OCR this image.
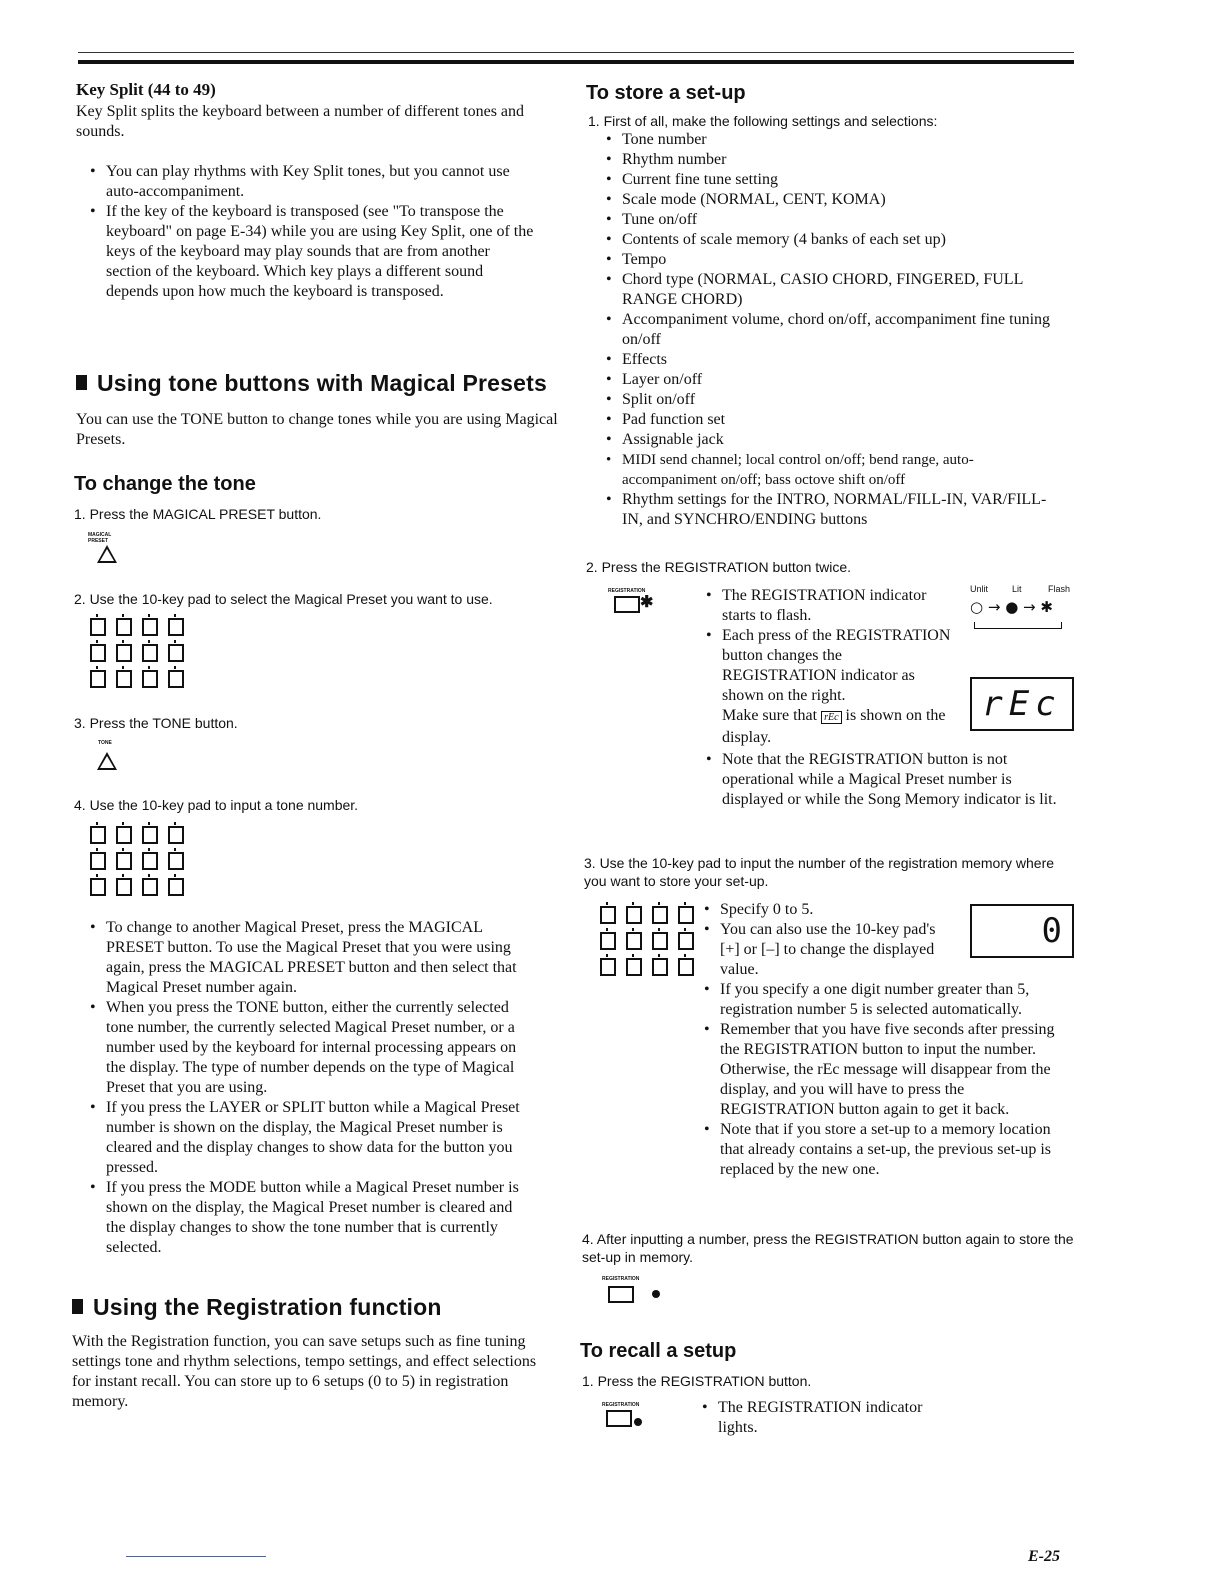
Key Split (44 to 49)
Key Split splits the keyboard between a number of different tones and sounds.
• You can play rhythms with Key Split tones, but you cannot use auto-accompaniment.
• If the key of the keyboard is transposed (see "To transpose the keyboard" on page E-34) while you are using Key Split, one of the keys of the keyboard may play sounds that are from another section of the keyboard. Which key plays a different sound depends upon how much the keyboard is transposed.
Using tone buttons with Magical Presets
You can use the TONE button to change tones while you are using Magical Presets.
To change the tone
1. Press the MAGICAL PRESET button.
MAGICAL PRESET
2. Use the 10-key pad to select the Magical Preset you want to use.
3. Press the TONE button.
TONE
4. Use the 10-key pad to input a tone number.
• To change to another Magical Preset, press the MAGICAL PRESET button. To use the Magical Preset that you were using again, press the MAGICAL PRESET button and then select that Magical Preset number again.
• When you press the TONE button, either the currently selected tone number, the currently selected Magical Preset number, or a number used by the keyboard for internal processing appears on the display. The type of number depends on the type of Magical Preset that you are using.
• If you press the LAYER or SPLIT button while a Magical Preset number is shown on the display, the Magical Preset number is cleared and the display changes to show data for the button you pressed.
• If you press the MODE button while a Magical Preset number is shown on the display, the Magical Preset number is cleared and the display changes to show the tone number that is currently selected.
Using the Registration function
With the Registration function, you can save setups such as fine tuning settings tone and rhythm selections, tempo settings, and effect selections for instant recall. You can store up to 6 setups (0 to 5) in registration memory.
To store a set-up
1. First of all, make the following settings and selections:
• Tone number
• Rhythm number
• Current fine tune setting
• Scale mode (NORMAL, CENT, KOMA)
• Tune on/off
• Contents of scale memory (4 banks of each set up)
• Tempo
• Chord type (NORMAL, CASIO CHORD, FINGERED, FULL RANGE CHORD)
• Accompaniment volume, chord on/off, accompaniment fine tuning on/off
• Effects
• Layer on/off
• Split on/off
• Pad function set
• Assignable jack
• MIDI send channel; local control on/off; bend range, auto-accompaniment on/off; bass octove shift on/off
• Rhythm settings for the INTRO, NORMAL/FILL-IN, VAR/FILL-IN, and SYNCHRO/ENDING buttons
2. Press the REGISTRATION button twice.
REGISTRATION
✱	• The REGISTRATION indicator starts to flash.
• Each press of the REGISTRATION button changes the REGISTRATION indicator as shown on the right.
Make sure that rEc is shown on the display.
• Note that the REGISTRATION button is not operational while a Magical Preset number is displayed or while the Song Memory indicator is lit.
Unlit	Lit	Flash
○ → ● → ✱
rEc
3. Use the 10-key pad to input the number of the registration memory where you want to store your set-up.
• Specify 0 to 5.
• You can also use the 10-key pad's [+] or [–] to change the displayed value.
0
• If you specify a one digit number greater than 5, registration number 5 is selected automatically.
• Remember that you have five seconds after pressing the REGISTRATION button to input the number. Otherwise, the rEc message will disappear from the display, and you will have to press the REGISTRATION button again to get it back.
• Note that if you store a set-up to a memory location that already contains a set-up, the previous set-up is replaced by the new one.
4. After inputting a number, press the REGISTRATION button again to store the set-up in memory.
REGISTRATION
To recall a setup
1. Press the REGISTRATION button.
REGISTRATION	• The REGISTRATION indicator lights.
E-25
